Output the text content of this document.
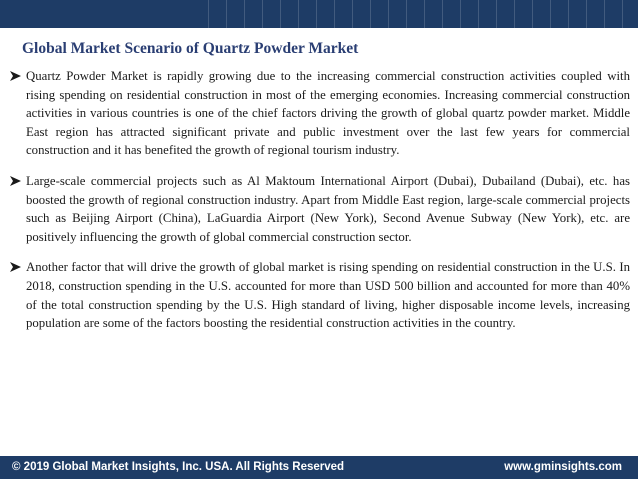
Global Market Scenario of Quartz Powder Market
Quartz Powder Market is rapidly growing due to the increasing commercial construction activities coupled with rising spending on residential construction in most of the emerging economies. Increasing commercial construction activities in various countries is one of the chief factors driving the growth of global quartz powder market. Middle East region has attracted significant private and public investment over the last few years for commercial construction and it has benefited the growth of regional tourism industry.
Large-scale commercial projects such as Al Maktoum International Airport (Dubai), Dubailand (Dubai), etc. has boosted the growth of regional construction industry. Apart from Middle East region, large-scale commercial projects such as Beijing Airport (China), LaGuardia Airport (New York), Second Avenue Subway (New York), etc. are positively influencing the growth of global commercial construction sector.
Another factor that will drive the growth of global market is rising spending on residential construction in the U.S. In 2018, construction spending in the U.S. accounted for more than USD 500 billion and accounted for more than 40% of the total construction spending by the U.S. High standard of living, higher disposable income levels, increasing population are some of the factors boosting the residential construction activities in the country.
© 2019 Global Market Insights, Inc. USA. All Rights Reserved	www.gminsights.com
